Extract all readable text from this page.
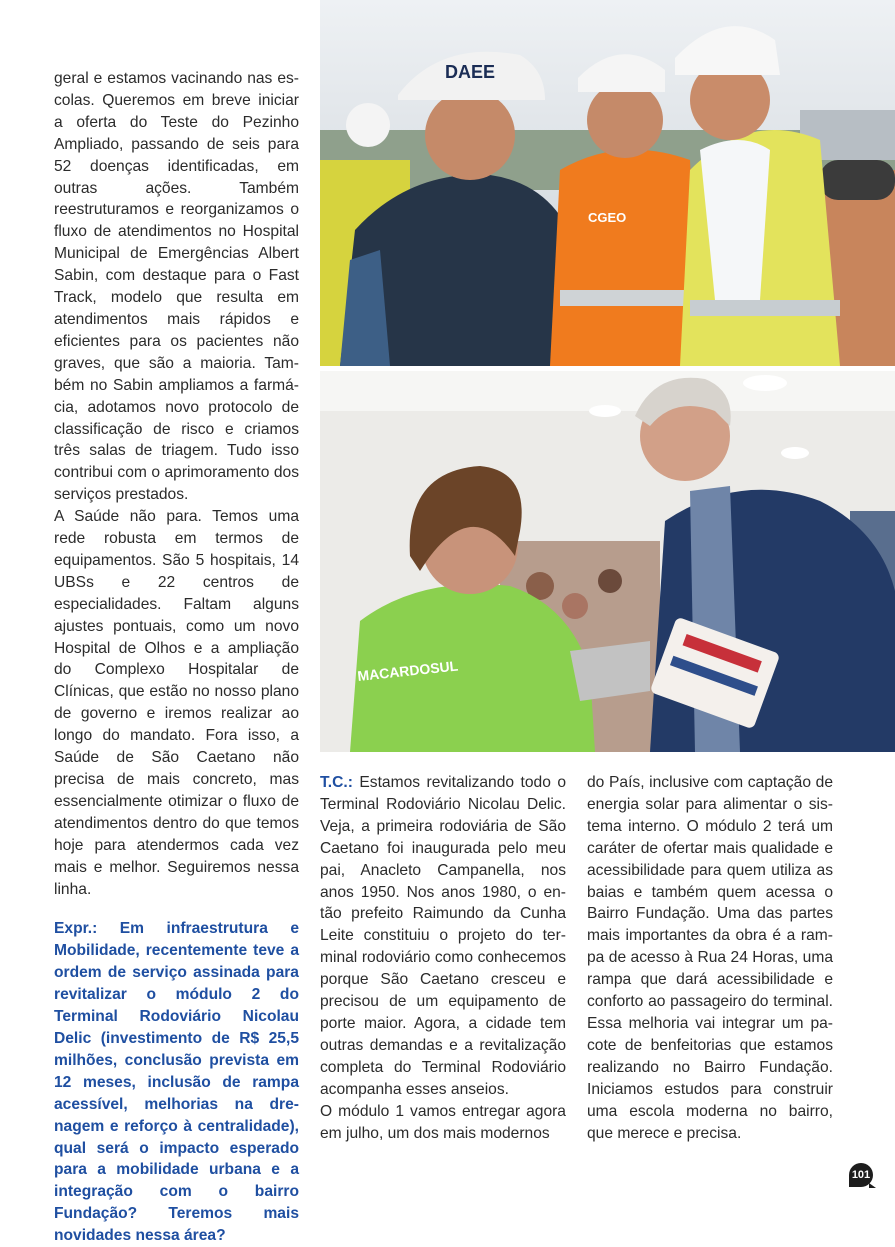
geral e estamos vacinando nas escolas. Queremos em breve iniciar a oferta do Teste do Pezinho Ampliado, passando de seis para 52 doenças identificadas, em outras ações. Também reestruturamos e reorganizamos o fluxo de atendimentos no Hospital Municipal de Emergências Albert Sabin, com destaque para o Fast Track, modelo que resulta em atendimentos mais rápidos e eficientes para os pacientes não graves, que são a maioria. Também no Sabin ampliamos a farmácia, adotamos novo protocolo de classificação de risco e criamos três salas de triagem. Tudo isso contribui com o aprimoramento dos serviços prestados.

A Saúde não para. Temos uma rede robusta em termos de equipamentos. São 5 hospitais, 14 UBSs e 22 centros de especialidades. Faltam alguns ajustes pontuais, como um novo Hospital de Olhos e a ampliação do Complexo Hospitalar de Clínicas, que estão no nosso plano de governo e iremos realizar ao longo do mandato. Fora isso, a Saúde de São Caetano não precisa de mais concreto, mas essencialmente otimizar o fluxo de atendimentos dentro do que temos hoje para atendermos cada vez mais e melhor. Seguiremos nessa linha.

Expr.: Em infraestrutura e Mobilidade, recentemente teve a ordem de serviço assinada para revitalizar o módulo 2 do Terminal Rodoviário Nicolau Delic (investimento de R$ 25,5 milhões, conclusão prevista em 12 meses, inclusão de rampa acessível, melhorias na drenagem e reforço à centralidade), qual será o impacto esperado para a mobilidade urbana e a integração com o bairro Fundação? Teremos mais novidades nessa área?

DAEE
CGEO
MACARDOSUL

T.C.: Estamos revitalizando todo o Terminal Rodoviário Nicolau Delic. Veja, a primeira rodoviária de São Caetano foi inaugurada pelo meu pai, Anacleto Campanella, nos anos 1950. Nos anos 1980, o então prefeito Raimundo da Cunha Leite constituiu o projeto do terminal rodoviário como conhecemos porque São Caetano cresceu e precisou de um equipamento de porte maior. Agora, a cidade tem outras demandas e a revitalização completa do Terminal Rodoviário acompanha esses anseios.

O módulo 1 vamos entregar agora em julho, um dos mais modernos

do País, inclusive com captação de energia solar para alimentar o sistema interno. O módulo 2 terá um caráter de ofertar mais qualidade e acessibilidade para quem utiliza as baias e também quem acessa o Bairro Fundação. Uma das partes mais importantes da obra é a rampa de acesso à Rua 24 Horas, uma rampa que dará acessibilidade e conforto ao passageiro do terminal. Essa melhoria vai integrar um pacote de benfeitorias que estamos realizando no Bairro Fundação. Iniciamos estudos para construir uma escola moderna no bairro, que merece e precisa.

101
